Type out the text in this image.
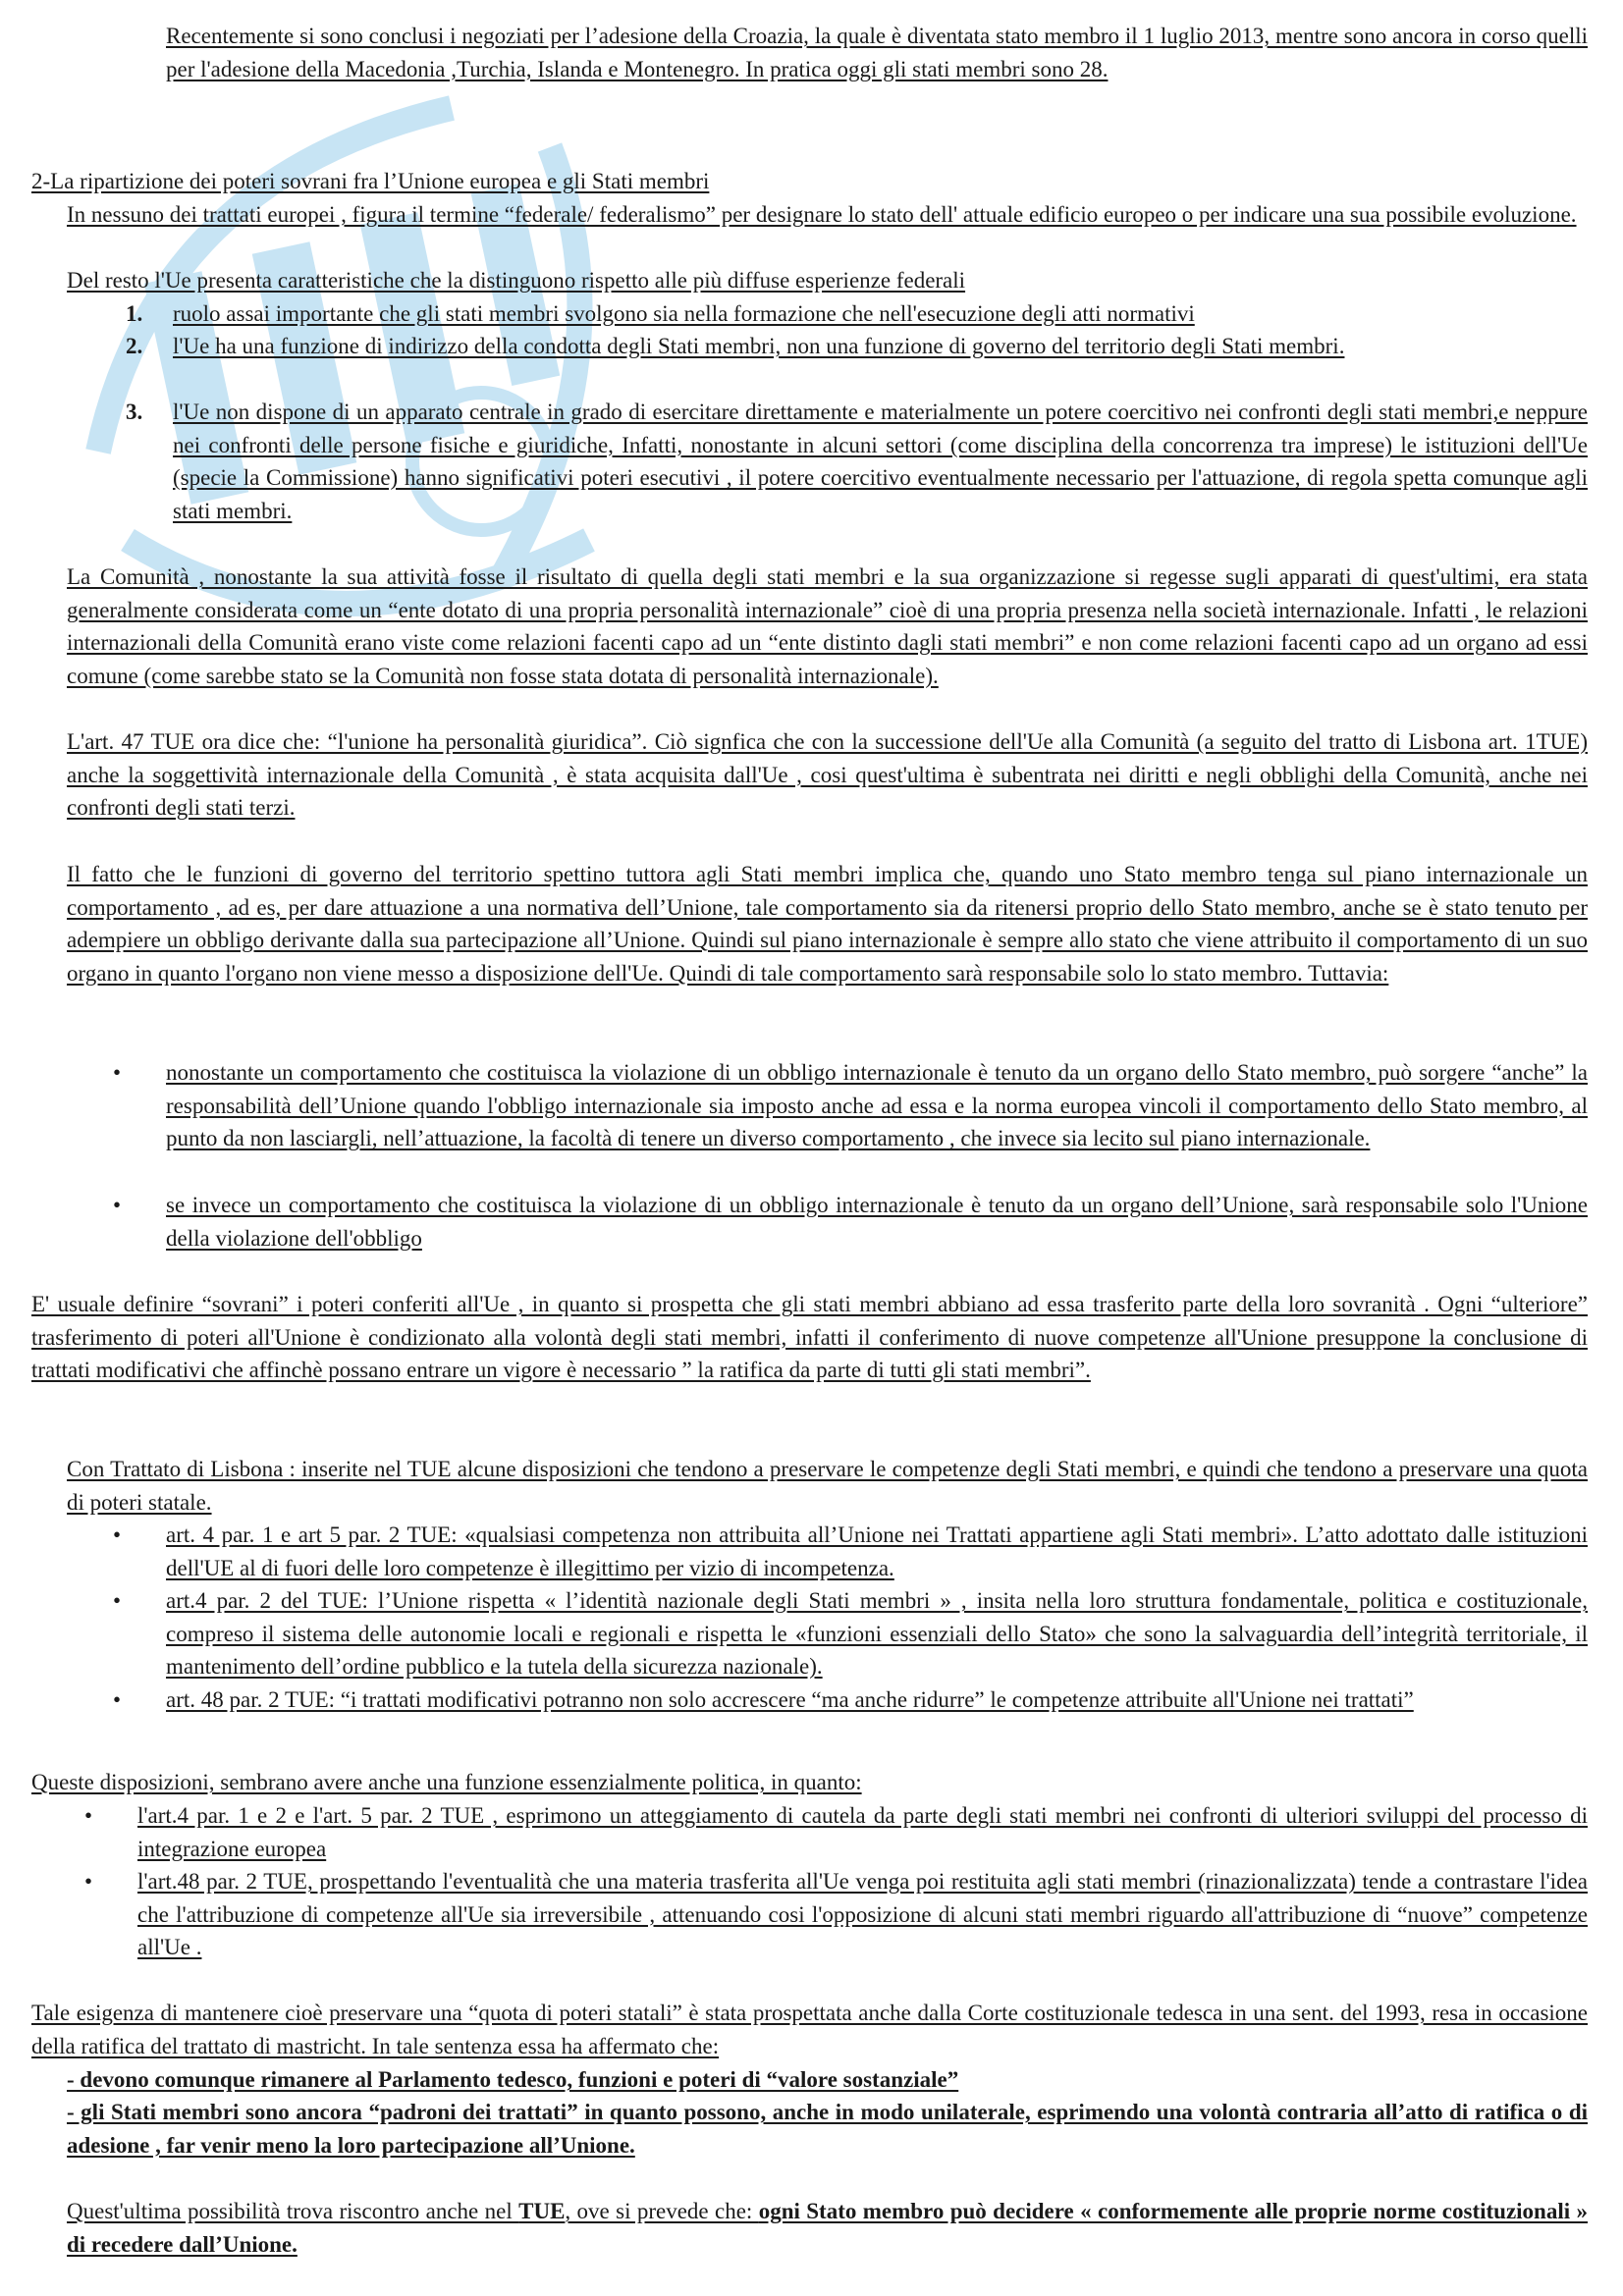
Recentemente si sono conclusi i negoziati per l’adesione della Croazia, la quale è diventata stato membro il 1 luglio 2013, mentre sono ancora in corso quelli per l'adesione della Macedonia ,Turchia, Islanda e Montenegro. In pratica oggi gli stati membri sono 28.
2-La ripartizione dei poteri sovrani fra l’Unione europea e gli Stati membri
In nessuno dei trattati europei , figura il termine “federale/ federalismo” per designare lo stato dell' attuale edificio europeo o per indicare una sua possibile evoluzione.
Del resto l'Ue presenta caratteristiche che la distinguono rispetto alle più diffuse esperienze federali
1. ruolo assai importante che gli stati membri svolgono sia nella formazione che nell'esecuzione degli atti normativi
2. l'Ue ha una funzione di indirizzo della condotta degli Stati membri, non una funzione di governo del territorio degli Stati membri.
3. l'Ue non dispone di un apparato centrale in grado di esercitare direttamente e materialmente un potere coercitivo nei confronti degli stati membri,e neppure nei confronti delle persone fisiche e giuridiche, Infatti, nonostante in alcuni settori (come disciplina della concorrenza tra imprese) le istituzioni dell'Ue (specie la Commissione) hanno significativi poteri esecutivi , il potere coercitivo eventualmente necessario per l'attuazione, di regola spetta comunque agli stati membri.
La Comunità , nonostante la sua attività fosse il risultato di quella degli stati membri e la sua organizzazione si regesse sugli apparati di quest'ultimi, era stata generalmente considerata come un “ente dotato di una propria personalità internazionale” cioè di una propria presenza nella società internazionale. Infatti , le relazioni internazionali della Comunità erano viste come relazioni facenti capo ad un “ente distinto dagli stati membri” e non come relazioni facenti capo ad un organo ad essi comune (come sarebbe stato se la Comunità non fosse stata dotata di personalità internazionale).
L'art. 47 TUE ora dice che: “l'unione ha personalità giuridica”. Ciò signfica che con la successione dell'Ue alla Comunità (a seguito del tratto di Lisbona art. 1TUE) anche la soggettività internazionale della Comunità , è stata acquisita dall'Ue , cosi quest'ultima è subentrata nei diritti e negli obblighi della Comunità, anche nei confronti degli stati terzi.
Il fatto che le funzioni di governo del territorio spettino tuttora agli Stati membri implica che, quando uno Stato membro tenga sul piano internazionale un comportamento , ad es, per dare attuazione a una normativa dell’Unione, tale comportamento sia da ritenersi proprio dello Stato membro, anche se è stato tenuto per adempiere un obbligo derivante dalla sua partecipazione all’Unione. Quindi sul piano internazionale è sempre allo stato che viene attribuito il comportamento di un suo organo in quanto l'organo non viene messo a disposizione dell'Ue. Quindi di tale comportamento sarà responsabile solo lo stato membro. Tuttavia:
• nonostante un comportamento che costituisca la violazione di un obbligo internazionale è tenuto da un organo dello Stato membro, può sorgere “anche” la responsabilità dell’Unione quando l'obbligo internazionale sia imposto anche ad essa e la norma europea vincoli il comportamento dello Stato membro, al punto da non lasciargli, nell’attuazione, la facoltà di tenere un diverso comportamento , che invece sia lecito sul piano internazionale.
• se invece un comportamento che costituisca la violazione di un obbligo internazionale è tenuto da un organo dell’Unione, sarà responsabile solo l'Unione della violazione dell'obbligo
E' usuale definire “sovrani” i poteri conferiti all'Ue , in quanto si prospetta che gli stati membri abbiano ad essa trasferito parte della loro sovranità . Ogni “ulteriore” trasferimento di poteri all'Unione è condizionato alla volontà degli stati membri, infatti il conferimento di nuove competenze all'Unione presuppone la conclusione di trattati modificativi che affinchè possano entrare un vigore è necessario ” la ratifica da parte di tutti gli stati membri”.
Con Trattato di Lisbona : inserite nel TUE alcune disposizioni che tendono a preservare le competenze degli Stati membri, e quindi che tendono a preservare una quota di poteri statale.
• art. 4 par. 1 e art 5 par. 2 TUE: «qualsiasi competenza non attribuita all’Unione nei Trattati appartiene agli Stati membri». L’atto adottato dalle istituzioni dell'UE al di fuori delle loro competenze è illegittimo per vizio di incompetenza.
• art.4 par. 2 del TUE: l’Unione rispetta « l’identità nazionale degli Stati membri » , insita nella loro struttura fondamentale, politica e costituzionale, compreso il sistema delle autonomie locali e regionali e rispetta le «funzioni essenziali dello Stato» che sono la salvaguardia dell’integrità territoriale, il mantenimento dell’ordine pubblico e la tutela della sicurezza nazionale).
• art. 48 par. 2 TUE: “i trattati modificativi potranno non solo accrescere “ma anche ridurre” le competenze attribuite all'Unione nei trattati”
Queste disposizioni, sembrano avere anche una funzione essenzialmente politica, in quanto:
• l'art.4 par. 1 e 2 e l'art. 5 par. 2 TUE , esprimono un atteggiamento di cautela da parte degli stati membri nei confronti di ulteriori sviluppi del processo di integrazione europea
• l'art.48 par. 2 TUE, prospettando l'eventualità che una materia trasferita all'Ue venga poi restituita agli stati membri (rinazionalizzata) tende a contrastare l'idea che l'attribuzione di competenze all'Ue sia irreversibile , attenuando cosi l'opposizione di alcuni stati membri riguardo all'attribuzione di “nuove” competenze all'Ue .
Tale esigenza di mantenere cioè preservare una “quota di poteri statali” è stata prospettata anche dalla Corte costituzionale tedesca in una sent. del 1993, resa in occasione della ratifica del trattato di mastricht. In tale sentenza essa ha affermato che:
- devono comunque rimanere al Parlamento tedesco, funzioni e poteri di “valore sostanziale”
- gli Stati membri sono ancora “padroni dei trattati” in quanto possono, anche in modo unilaterale, esprimendo una volontà contraria all’atto di ratifica o di adesione , far venir meno la loro partecipazione all’Unione.
Quest'ultima possibilità trova riscontro anche nel TUE, ove si prevede che: ogni Stato membro può decidere « conformemente alle proprie norme costituzionali » di recedere dall’Unione.
